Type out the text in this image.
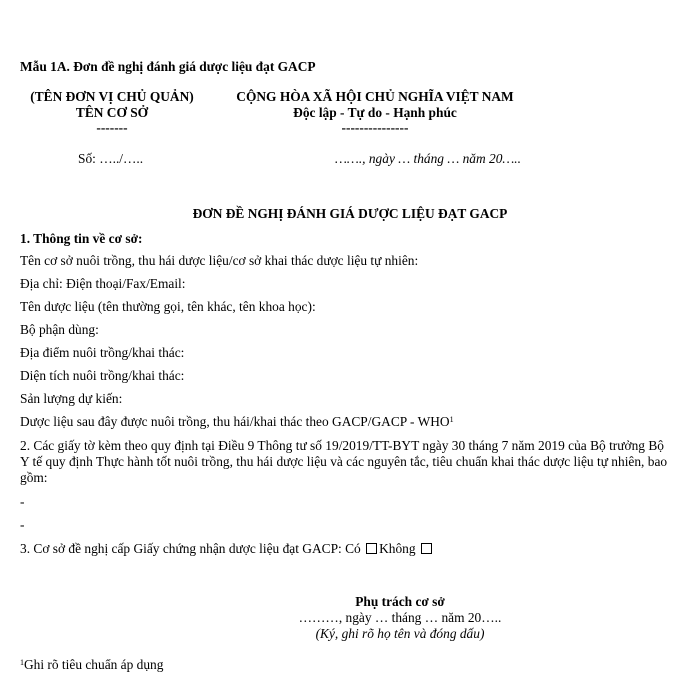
Mẫu 1A. Đơn đề nghị đánh giá dược liệu đạt GACP
(TÊN ĐƠN VỊ CHỦ QUẢN)
TÊN CƠ SỞ
-------
CỘNG HÒA XÃ HỘI CHỦ NGHĨA VIỆT NAM
Độc lập - Tự do - Hạnh phúc
---------------
Số: …../…..	……., ngày … tháng … năm 20…..
ĐƠN ĐỀ NGHỊ ĐÁNH GIÁ DƯỢC LIỆU ĐẠT GACP
1. Thông tin về cơ sở:
Tên cơ sở nuôi trồng, thu hái dược liệu/cơ sở khai thác dược liệu tự nhiên:
Địa chỉ: Điện thoại/Fax/Email:
Tên dược liệu (tên thường gọi, tên khác, tên khoa học):
Bộ phận dùng:
Địa điểm nuôi trồng/khai thác:
Diện tích nuôi trồng/khai thác:
Sản lượng dự kiến:
Dược liệu sau đây được nuôi trồng, thu hái/khai thác theo GACP/GACP - WHO$^1$
2. Các giấy tờ kèm theo quy định tại Điều 9 Thông tư số 19/2019/TT-BYT ngày 30 tháng 7 năm 2019 của Bộ trưởng Bộ Y tế quy định Thực hành tốt nuôi trồng, thu hái dược liệu và các nguyên tắc, tiêu chuẩn khai thác dược liệu tự nhiên, bao gồm:
-
-
3. Cơ sở đề nghị cấp Giấy chứng nhận dược liệu đạt GACP: Có Không
Phụ trách cơ sở
………, ngày … tháng … năm 20…..
(Ký, ghi rõ họ tên và đóng dấu)
$^1$Ghi rõ tiêu chuẩn áp dụng
